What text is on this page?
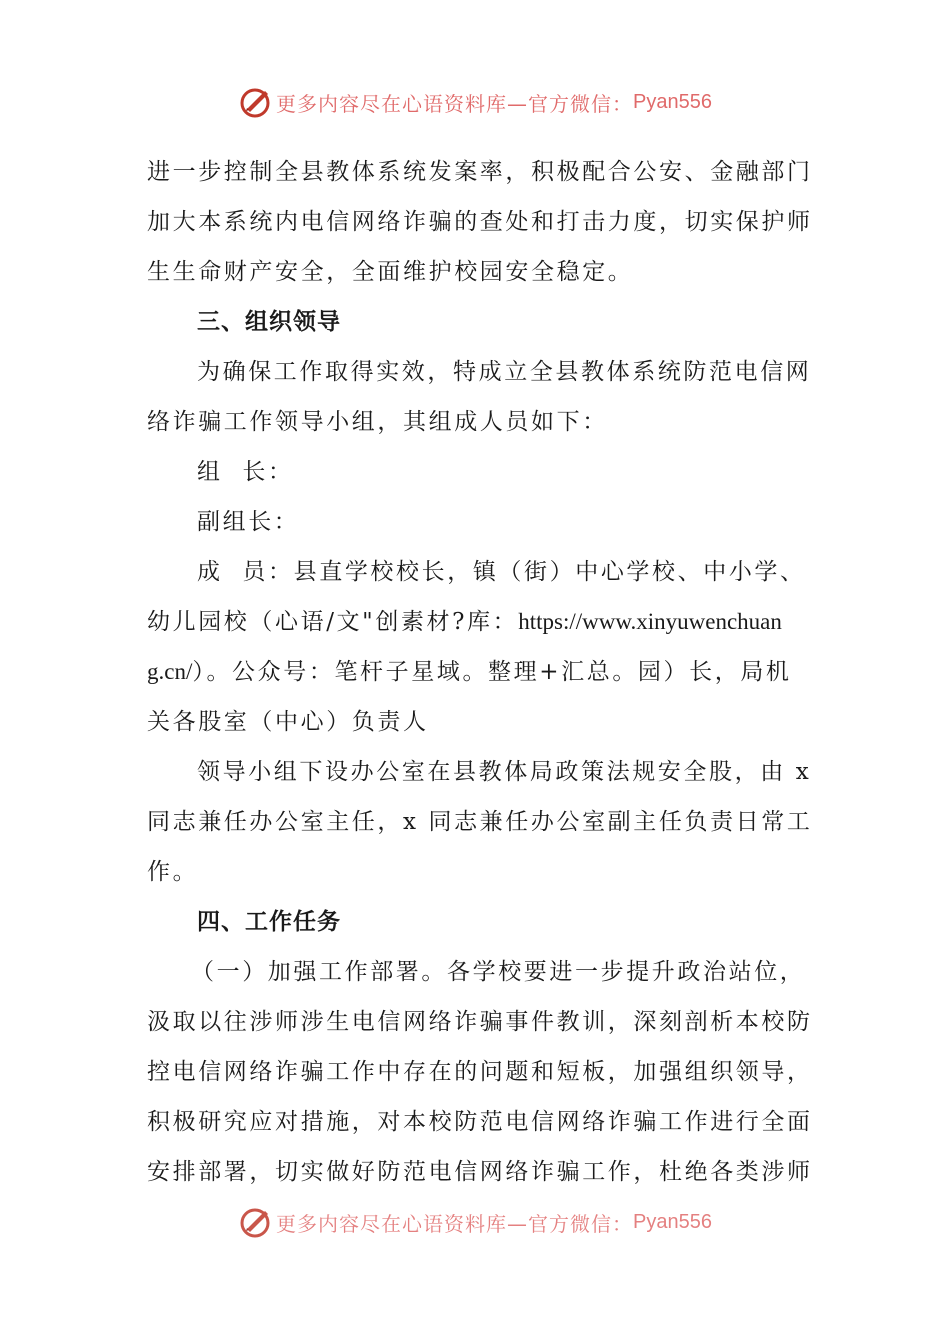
更多内容尽在心语资料库—官方微信： Pyan556
进一步控制全县教体系统发案率，积极配合公安、金融部门
加大本系统内电信网络诈骗的查处和打击力度，切实保护师
生生命财产安全，全面维护校园安全稳定。
三、组织领导
为确保工作取得实效，特成立全县教体系统防范电信网
络诈骗工作领导小组，其组成人员如下：
组  长：
副组长：
成  员：县直学校校长，镇（街）中心学校、中小学、
幼儿园校（心语/文"创素材?库：https://www.xinyuwenchuan
g.cn/）。公众号：笔杆子星域。整理+汇总。园）长，局机
关各股室（中心）负责人
领导小组下设办公室在县教体局政策法规安全股，由 x
同志兼任办公室主任，x 同志兼任办公室副主任负责日常工
作。
四、工作任务
（一）加强工作部署。各学校要进一步提升政治站位，
汲取以往涉师涉生电信网络诈骗事件教训，深刻剖析本校防
控电信网络诈骗工作中存在的问题和短板，加强组织领导，
积极研究应对措施，对本校防范电信网络诈骗工作进行全面
安排部署，切实做好防范电信网络诈骗工作，杜绝各类涉师
更多内容尽在心语资料库—官方微信： Pyan556
